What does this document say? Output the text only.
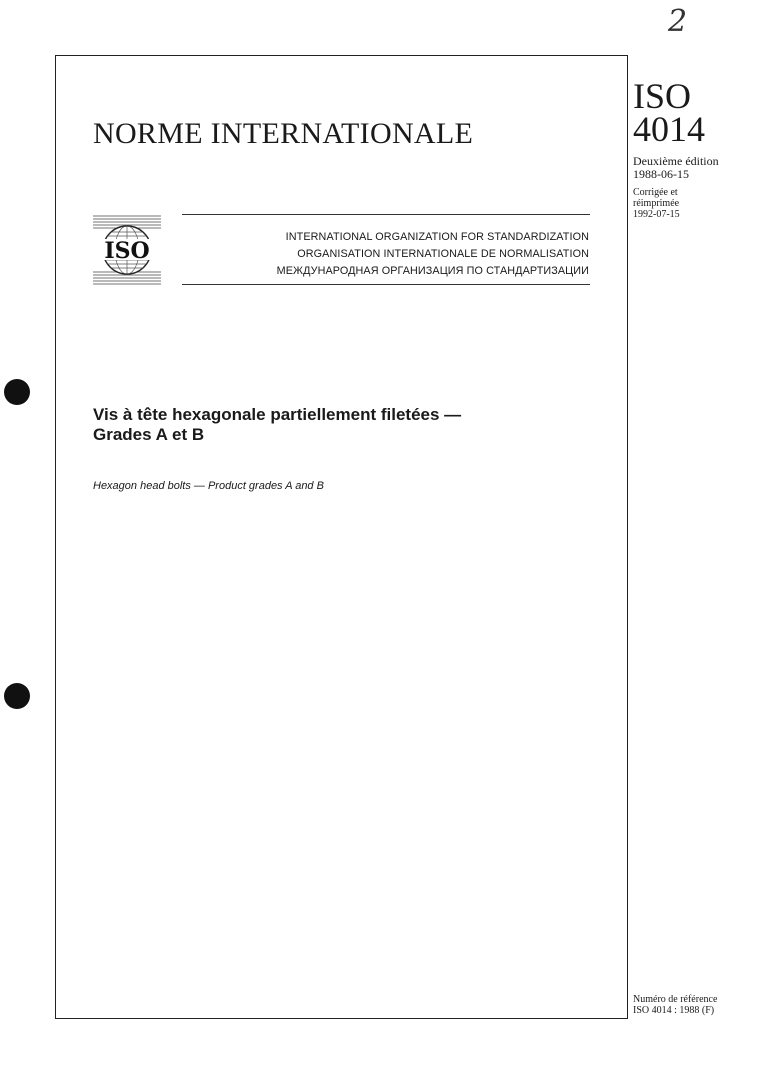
2
NORME INTERNATIONALE
ISO
INTERNATIONAL ORGANIZATION FOR STANDARDIZATION
ORGANISATION INTERNATIONALE DE NORMALISATION
МЕЖДУНАРОДНАЯ ОРГАНИЗАЦИЯ ПО СТАНДАРТИЗАЦИИ
Vis à tête hexagonale partiellement filetées —
Grades A et B
Hexagon head bolts — Product grades A and B
ISO
4014
Deuxième édition
1988-06-15
Corrigée et
réimprimée
1992-07-15
Numéro de référence
ISO 4014 : 1988 (F)
